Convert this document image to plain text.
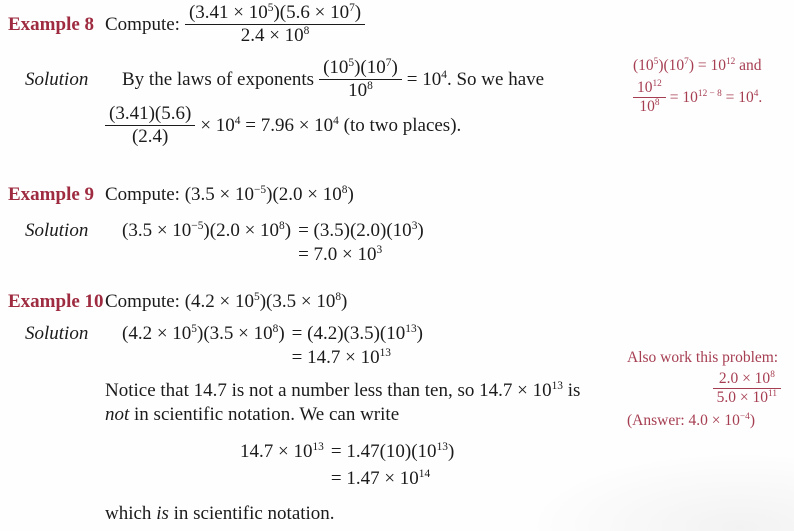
Example 8 Compute: $\frac{(3.41 \times 10^5)(5.6 \times 10^7)}{2.4 \times 10^8}$
Solution	By the laws of exponents $\frac{(10^5)(10^7)}{10^8} = 10^4$. So we have
$\frac{(3.41)(5.6)}{(2.4)} \times 10^4 = 7.96 \times 10^4$ (to two places).
$(10^5)(10^7) = 10^{12}$ and
$\frac{10^{12}}{10^8} = 10^{12 - 8} = 10^4$.
Example 9 Compute: $(3.5 \times 10^{-5})(2.0 \times 10^8)$
Solution	$(3.5 \times 10^{-5})(2.0 \times 10^8) = (3.5)(2.0)(10^3)$
= $7.0 \times 10^3$
Example 10 Compute: $(4.2 \times 10^5)(3.5 \times 10^8)$
Solution	$(4.2 \times 10^5)(3.5 \times 10^8) = (4.2)(3.5)(10^{13})$
= $14.7 \times 10^{13}$
Notice that 14.7 is not a number less than ten, so $14.7 \times 10^{13}$ is
not in scientific notation. We can write
Also work this problem:
$\frac{2.0 \times 10^8}{5.0 \times 10^{11}}$
(Answer: $4.0 \times 10^{-4}$)
$14.7 \times 10^{13} = 1.47(10)(10^{13})$
= $1.47 \times 10^{14}$
which is in scientific notation.
